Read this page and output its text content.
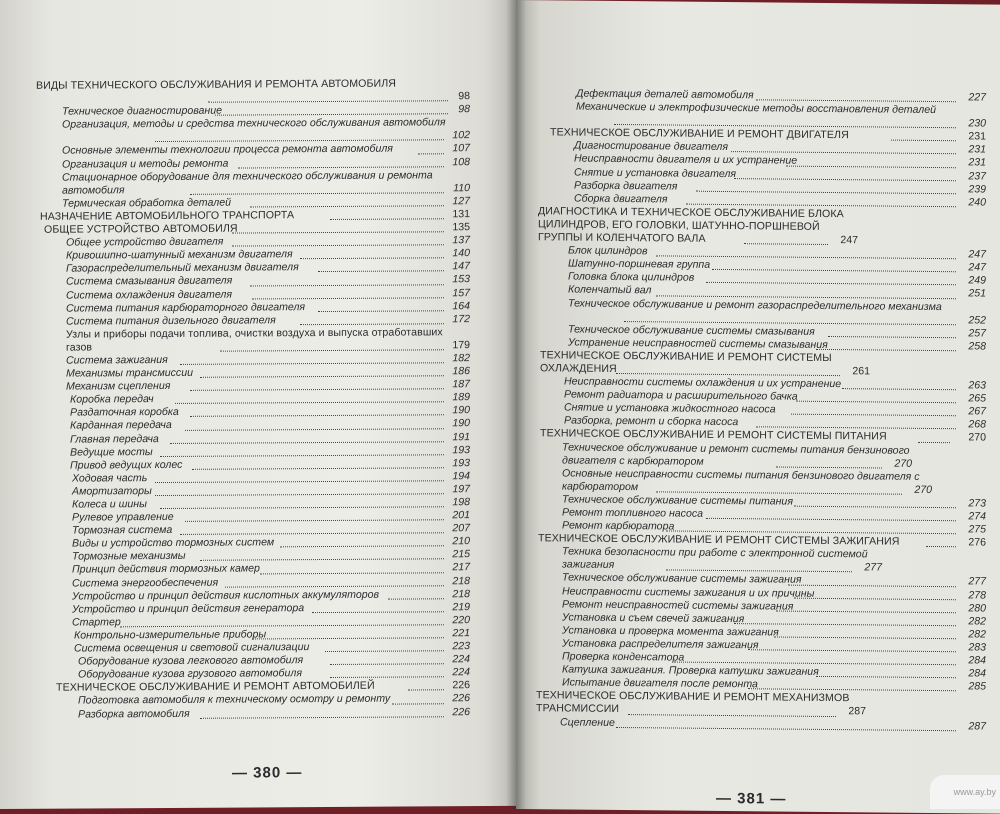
ВИДЫ ТЕХНИЧЕСКОГО ОБСЛУЖИВАНИЯ И РЕМОНТА АВТОМОБИЛЯ
98
Техническое диагностирование	98
Организация, методы и средства технического обслуживания автомобиля
102
Основные элементы технологии процесса ремонта автомобиля	107
Организация и методы ремонта	108
Стационарное оборудование для технического обслуживания и ремонта автомобиля	110
Термическая обработка деталей	127
НАЗНАЧЕНИЕ АВТОМОБИЛЬНОГО ТРАНСПОРТА	131
ОБЩЕЕ УСТРОЙСТВО АВТОМОБИЛЯ	135
Общее устройство двигателя	137
Кривошипно-шатунный механизм двигателя	140
Газораспределительный механизм двигателя	147
Система смазывания двигателя	153
Система охлаждения двигателя	157
Система питания карбюраторного двигателя	164
Система питания дизельного двигателя	172
Узлы и приборы подачи топлива, очистки воздуха и выпуска отработавших газов	179
Система зажигания	182
Механизмы трансмиссии	186
Механизм сцепления	187
Коробка передач	189
Раздаточная коробка	190
Карданная передача	190
Главная передача	191
Ведущие мосты	193
Привод ведущих колес	193
Ходовая часть	194
Амортизаторы	197
Колеса и шины	198
Рулевое управление	201
Тормозная система	207
Виды и устройство тормозных систем	210
Тормозные механизмы	215
Принцип действия тормозных камер	217
Система энергообеспечения	218
Устройство и принцип действия кислотных аккумуляторов	218
Устройство и принцип действия генератора	219
Стартер	220
Контрольно-измерительные приборы	221
Система освещения и световой сигнализации	223
Оборудование кузова легкового автомобиля	224
Оборудование кузова грузового автомобиля	224
ТЕХНИЧЕСКОЕ ОБСЛУЖИВАНИЕ И РЕМОНТ АВТОМОБИЛЕЙ	226
Подготовка автомобиля к техническому осмотру и ремонту	226
Разборка автомобиля	226
— 380 —
Дефектация деталей автомобиля	227
Механические и электрофизические методы восстановления деталей
230
ТЕХНИЧЕСКОЕ ОБСЛУЖИВАНИЕ И РЕМОНТ ДВИГАТЕЛЯ	231
Диагностирование двигателя	231
Неисправности двигателя и их устранение	231
Снятие и установка двигателя	237
Разборка двигателя	239
Сборка двигателя	240
ДИАГНОСТИКА И ТЕХНИЧЕСКОЕ ОБСЛУЖИВАНИЕ БЛОКА ЦИЛИНДРОВ, ЕГО ГОЛОВКИ, ШАТУННО-ПОРШНЕВОЙ ГРУППЫ И КОЛЕНЧАТОГО ВАЛА	247
Блок цилиндров	247
Шатунно-поршневая группа	247
Головка блока цилиндров	249
Коленчатый вал	251
Техническое обслуживание и ремонт газораспределительного механизма
252
Техническое обслуживание системы смазывания	257
Устранение неисправностей системы смазывания	258
ТЕХНИЧЕСКОЕ ОБСЛУЖИВАНИЕ И РЕМОНТ СИСТЕМЫ ОХЛАЖДЕНИЯ	261
Неисправности системы охлаждения и их устранение	263
Ремонт радиатора и расширительного бачка	265
Снятие и установка жидкостного насоса	267
Разборка, ремонт и сборка насоса	268
ТЕХНИЧЕСКОЕ ОБСЛУЖИВАНИЕ И РЕМОНТ СИСТЕМЫ ПИТАНИЯ	270
Техническое обслуживание и ремонт системы питания бензинового двигателя с карбюратором	270
Основные неисправности системы питания бензинового двигателя с карбюратором	270
Техническое обслуживание системы питания	273
Ремонт топливного насоса	274
Ремонт карбюратора	275
ТЕХНИЧЕСКОЕ ОБСЛУЖИВАНИЕ И РЕМОНТ СИСТЕМЫ ЗАЖИГАНИЯ	276
Техника безопасности при работе с электронной системой зажигания	277
Техническое обслуживание системы зажигания	277
Неисправности системы зажигания и их причины	278
Ремонт неисправностей системы зажигания	280
Установка и съем свечей зажигания	282
Установка и проверка момента зажигания	282
Установка распределителя зажигания	283
Проверка конденсатора	284
Катушка зажигания. Проверка катушки зажигания	284
Испытание двигателя после ремонта	285
ТЕХНИЧЕСКОЕ ОБСЛУЖИВАНИЕ И РЕМОНТ МЕХАНИЗМОВ ТРАНСМИССИИ	287
Сцепление	287
— 381 —	www.ay.by
